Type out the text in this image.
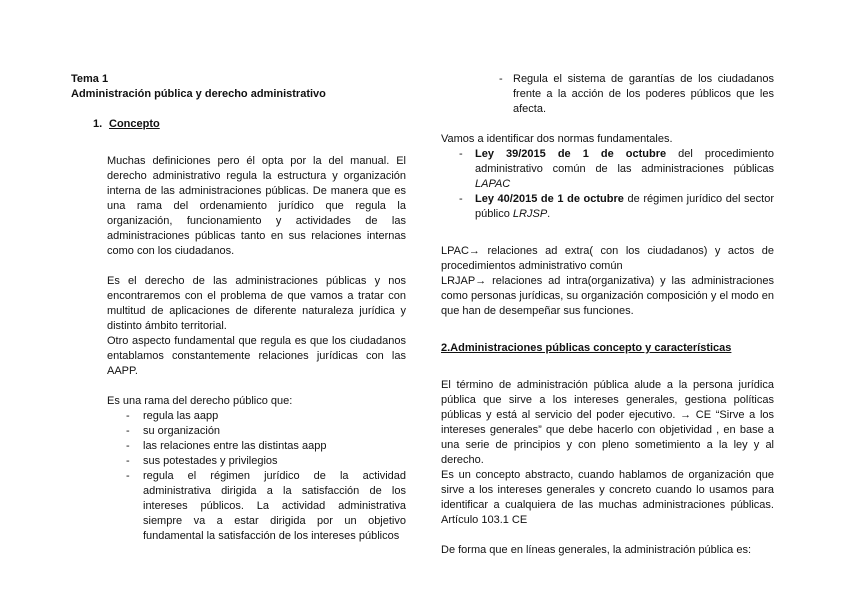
Tema 1

Administración pública y derecho administrativo

1. Concepto

Muchas definiciones pero él opta por la del manual. El derecho administrativo regula la estructura y organización interna de las administraciones públicas. De manera que es una rama del ordenamiento jurídico que regula la organización, funcionamiento y actividades de las administraciones públicas tanto en sus relaciones internas como con los ciudadanos.

Es el derecho de las administraciones públicas y nos encontraremos con el problema de que vamos a tratar con multitud de aplicaciones de diferente naturaleza jurídica y distinto ámbito territorial.

Otro aspecto fundamental que regula es que los ciudadanos entablamos constantemente relaciones jurídicas con las AAPP.

Es una rama del derecho público que:

- regula las aapp
- su organización
- las relaciones entre las distintas aapp
- sus potestades y privilegios
- regula el régimen jurídico de la actividad administrativa dirigida a la satisfacción de los intereses públicos. La actividad administrativa siempre va a estar dirigida por un objetivo fundamental la satisfacción de los intereses públicos
- Regula el sistema de garantías de los ciudadanos frente a la acción de los poderes públicos que les afecta.

Vamos a identificar dos normas fundamentales.

- Ley 39/2015 de 1 de octubre del procedimiento administrativo común de las administraciones públicas LAPAC
- Ley 40/2015 de 1 de octubre de régimen jurídico del sector público LRJSP.

LPAC→ relaciones ad extra( con los ciudadanos) y actos de procedimientos administrativo común

LRJAP→ relaciones ad intra(organizativa) y las administraciones como personas jurídicas, su organización composición y el modo en que han de desempeñar sus funciones.

2.Administraciones públicas concepto y características

El término de administración pública alude a la persona jurídica pública que sirve a los intereses generales, gestiona políticas públicas y está al servicio del poder ejecutivo. → CE “Sirve a los intereses generales” que debe hacerlo con objetividad , en base a una serie de principios y con pleno sometimiento a la ley y al derecho.

Es un concepto abstracto, cuando hablamos de organización que sirve a los intereses generales y concreto cuando lo usamos para identificar a cualquiera de las muchas administraciones públicas. Artículo 103.1 CE

De forma que en líneas generales, la administración pública es:
